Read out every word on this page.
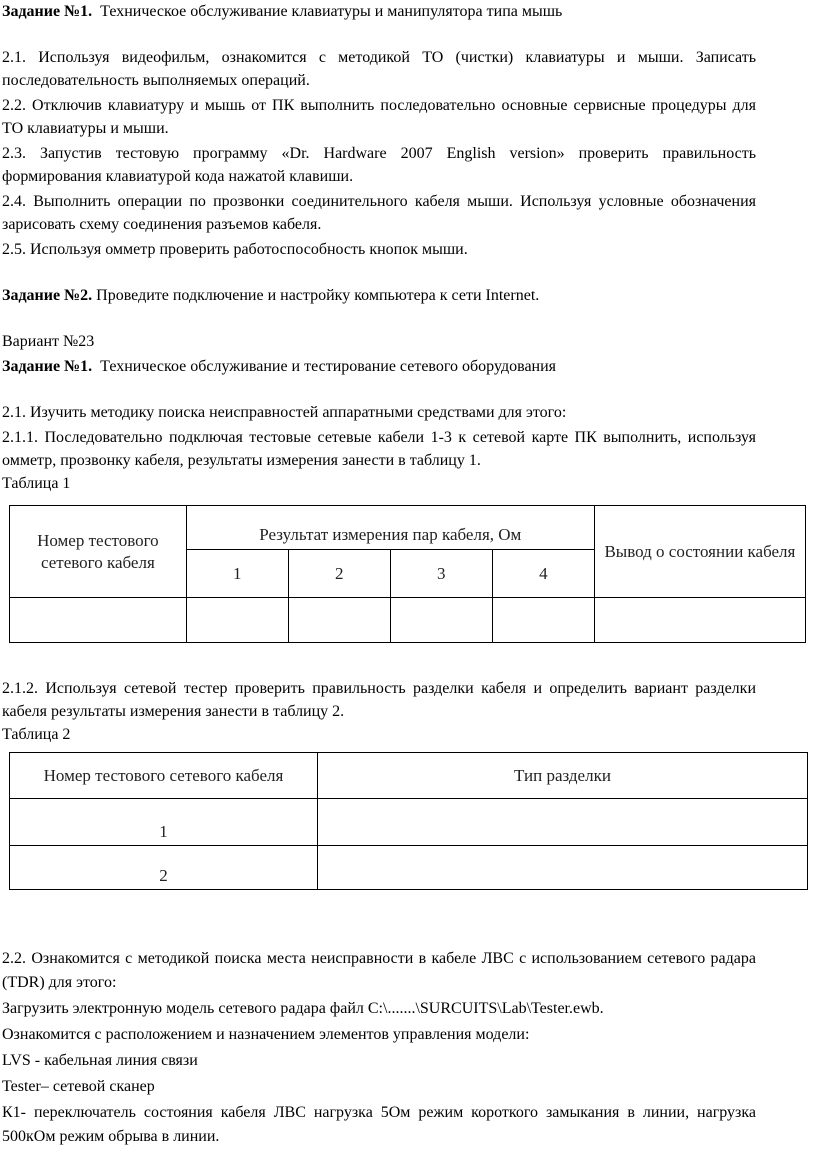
Задание №1. Техническое обслуживание клавиатуры и манипулятора типа мышь

2.1. Используя видеофильм, ознакомится с методикой ТО (чистки) клавиатуры и мыши. Записать последовательность выполняемых операций.

2.2. Отключив клавиатуру и мышь от ПК выполнить последовательно основные сервисные процедуры для ТО клавиатуры и мыши.

2.3. Запустив тестовую программу «Dr. Hardware 2007 English version» проверить правильность формирования клавиатурой кода нажатой клавиши.

2.4. Выполнить операции по прозвонки соединительного кабеля мыши. Используя условные обозначения зарисовать схему соединения разъемов кабеля.

2.5. Используя омметр проверить работоспособность кнопок мыши.

Задание №2. Проведите подключение и настройку компьютера к сети Internet.

Вариант №23

Задание №1. Техническое обслуживание и тестирование сетевого оборудования

2.1. Изучить методику поиска неисправностей аппаратными средствами для этого:

2.1.1. Последовательно подключая тестовые сетевые кабели 1-3 к сетевой карте ПК выполнить, используя омметр, прозвонку кабеля, результаты измерения занести в таблицу 1.

Таблица 1

Номер тестового сетевого кабеля	Результат измерения пар кабеля, Ом				Вывод о состоянии кабеля
	1	2	3	4	

2.1.2. Используя сетевой тестер проверить правильность разделки кабеля и определить вариант разделки кабеля результаты измерения занести в таблицу 2.

Таблица 2

Номер тестового сетевого кабеля	Тип разделки
1	
2	

2.2. Ознакомится с методикой поиска места неисправности в кабеле ЛВС с использованием сетевого радара (TDR) для этого:

Загрузить электронную модель сетевого радара файл C:\.......\SURCUITS\Lab\Tester.ewb.

Ознакомится с расположением и назначением элементов управления модели:

LVS - кабельная линия связи

Tester– сетевой сканер

К1- переключатель состояния кабеля ЛВС нагрузка 5Ом режим короткого замыкания в линии, нагрузка 500кОм режим обрыва в линии.
